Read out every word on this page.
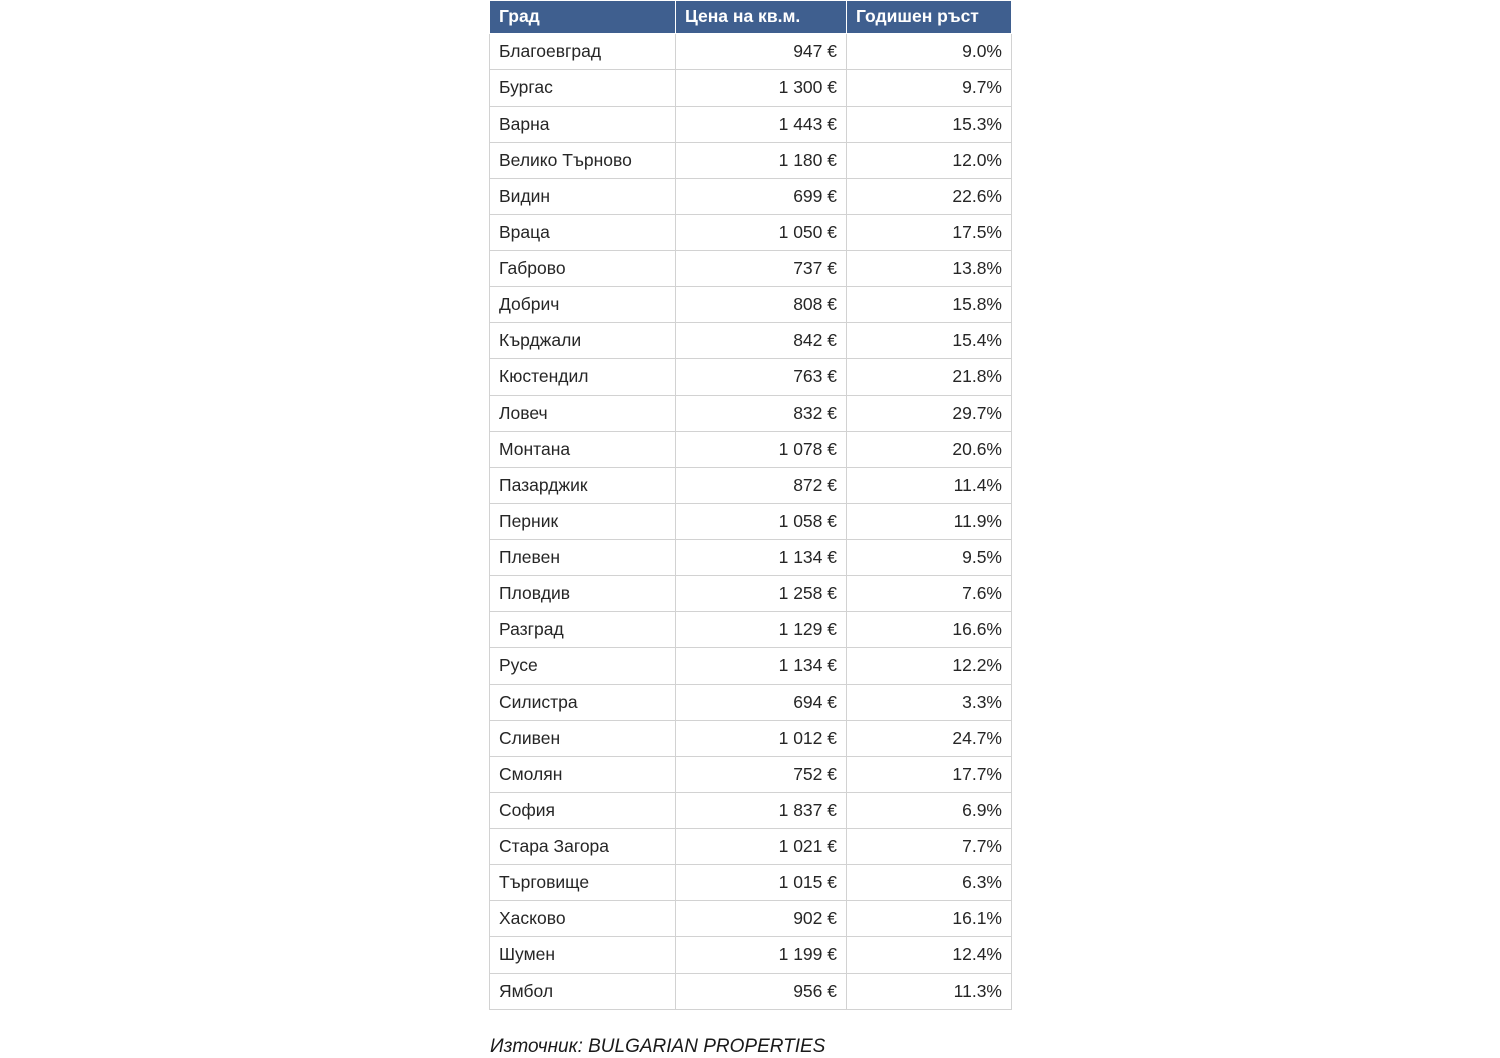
Град	Цена на кв.м.	Годишен ръст
Благоевград	947 €	9.0%
Бургас	1 300 €	9.7%
Варна	1 443 €	15.3%
Велико Търново	1 180 €	12.0%
Видин	699 €	22.6%
Враца	1 050 €	17.5%
Габрово	737 €	13.8%
Добрич	808 €	15.8%
Кърджали	842 €	15.4%
Кюстендил	763 €	21.8%
Ловеч	832 €	29.7%
Монтана	1 078 €	20.6%
Пазарджик	872 €	11.4%
Перник	1 058 €	11.9%
Плевен	1 134 €	9.5%
Пловдив	1 258 €	7.6%
Разград	1 129 €	16.6%
Русе	1 134 €	12.2%
Силистра	694 €	3.3%
Сливен	1 012 €	24.7%
Смолян	752 €	17.7%
София	1 837 €	6.9%
Стара Загора	1 021 €	7.7%
Търговище	1 015 €	6.3%
Хасково	902 €	16.1%
Шумен	1 199 €	12.4%
Ямбол	956 €	11.3%
Източник: BULGARIAN PROPERTIES
